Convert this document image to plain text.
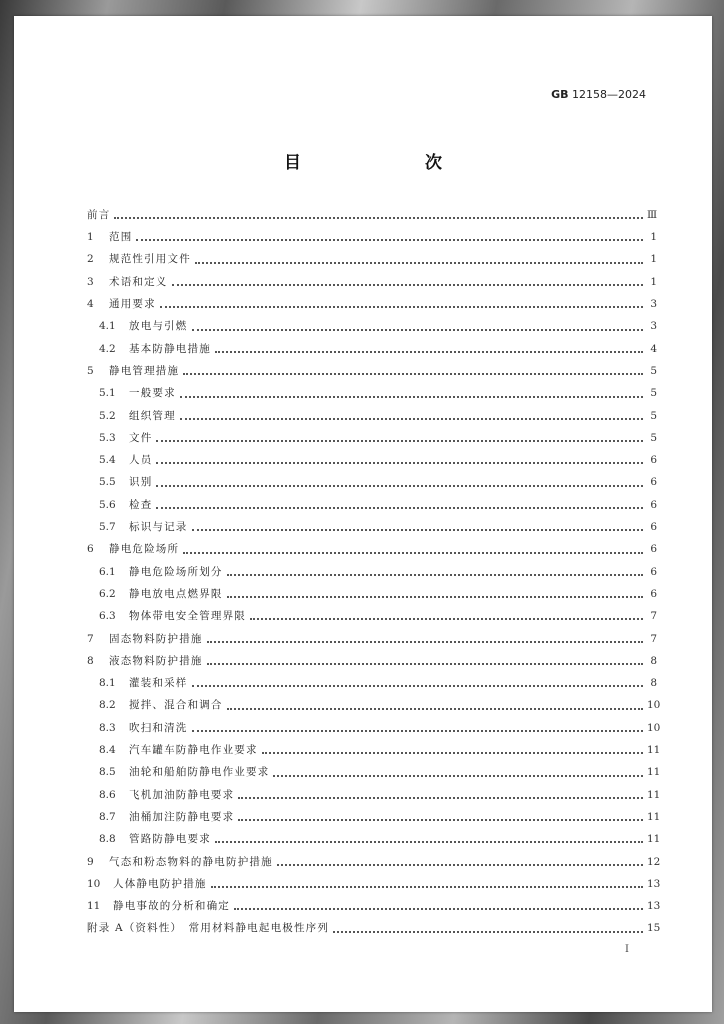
GB 12158—2024
目　　次
前言	Ⅲ
1	范围	1
2	规范性引用文件	1
3	术语和定义	1
4	通用要求	3
4.1	放电与引燃	3
4.2	基本防静电措施	4
5	静电管理措施	5
5.1	一般要求	5
5.2	组织管理	5
5.3	文件	5
5.4	人员	6
5.5	识别	6
5.6	检查	6
5.7	标识与记录	6
6	静电危险场所	6
6.1	静电危险场所划分	6
6.2	静电放电点燃界限	6
6.3	物体带电安全管理界限	7
7	固态物料防护措施	7
8	液态物料防护措施	8
8.1	灌装和采样	8
8.2	搅拌、混合和调合	10
8.3	吹扫和清洗	10
8.4	汽车罐车防静电作业要求	11
8.5	油轮和船舶防静电作业要求	11
8.6	飞机加油防静电要求	11
8.7	油桶加注防静电要求	11
8.8	管路防静电要求	11
9	气态和粉态物料的静电防护措施	12
10	人体静电防护措施	13
11	静电事故的分析和确定	13
附录 A（资料性）　常用材料静电起电极性序列	15
I
